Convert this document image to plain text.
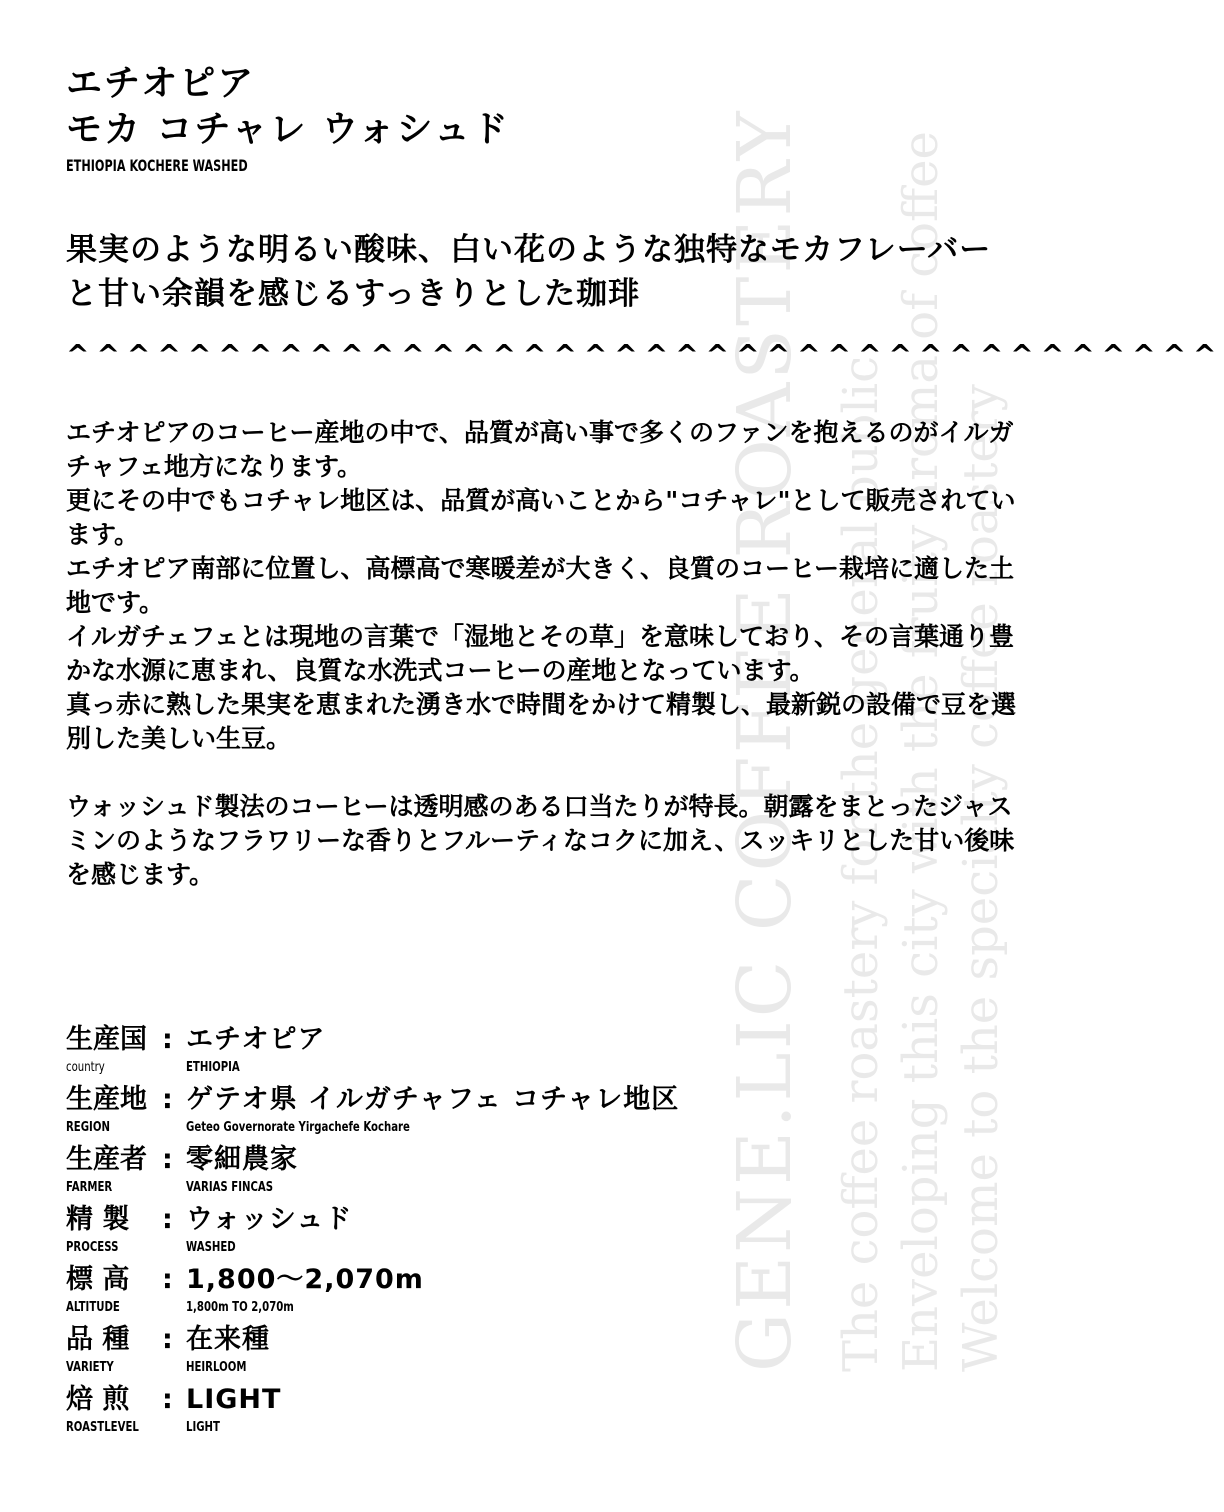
GENE.LIC COFFEE ROASTERY The coffee roastery for the general public Enveloping this city with the fruity aroma of coffee Welcome to the specialty coffee roastery

エチオピア
モカ コチャレ ウォシュド
ETHIOPIA KOCHERE WASHED
果実のような明るい酸味、白い花のような独特なモカフレーバーと甘い余韻を感じるすっきりとした珈琲
^^^^^^^^^^^^^^^^^^^^^^^^^^^^^^^^^^^^^^

エチオピアのコーヒー産地の中で、品質が高い事で多くのファンを抱えるのがイルガチャフェ地方になります。

更にその中でもコチャレ地区は、品質が高いことから"コチャレ"として販売されています。

エチオピア南部に位置し、高標高で寒暖差が大きく、良質のコーヒー栽培に適した土地です。

イルガチェフェとは現地の言葉で「湿地とその草」を意味しており、その言葉通り豊かな水源に恵まれ、良質な水洗式コーヒーの産地となっています。

真っ赤に熟した果実を恵まれた湧き水で時間をかけて精製し、最新鋭の設備で豆を選別した美しい生豆。

ウォッシュド製法のコーヒーは透明感のある口当たりが特長。朝露をまとったジャスミンのようなフラワリーな香りとフルーティなコクに加え、スッキリとした甘い後味を感じます。

生産国 : エチオピア
country	ETHIOPIA
生産地 : ゲテオ県 イルガチャフェ コチャレ地区
REGION	Geteo Governorate Yirgachefe Kochare
生産者 : 零細農家
FARMER	VARIAS FINCAS
精 製 : ウォッシュド
PROCESS	WASHED
標 高 : 1,800～2,070m
ALTITUDE	1,800m TO 2,070m
品 種 : 在来種
VARIETY	HEIRLOOM
焙 煎 : LIGHT
ROASTLEVEL	LIGHT
